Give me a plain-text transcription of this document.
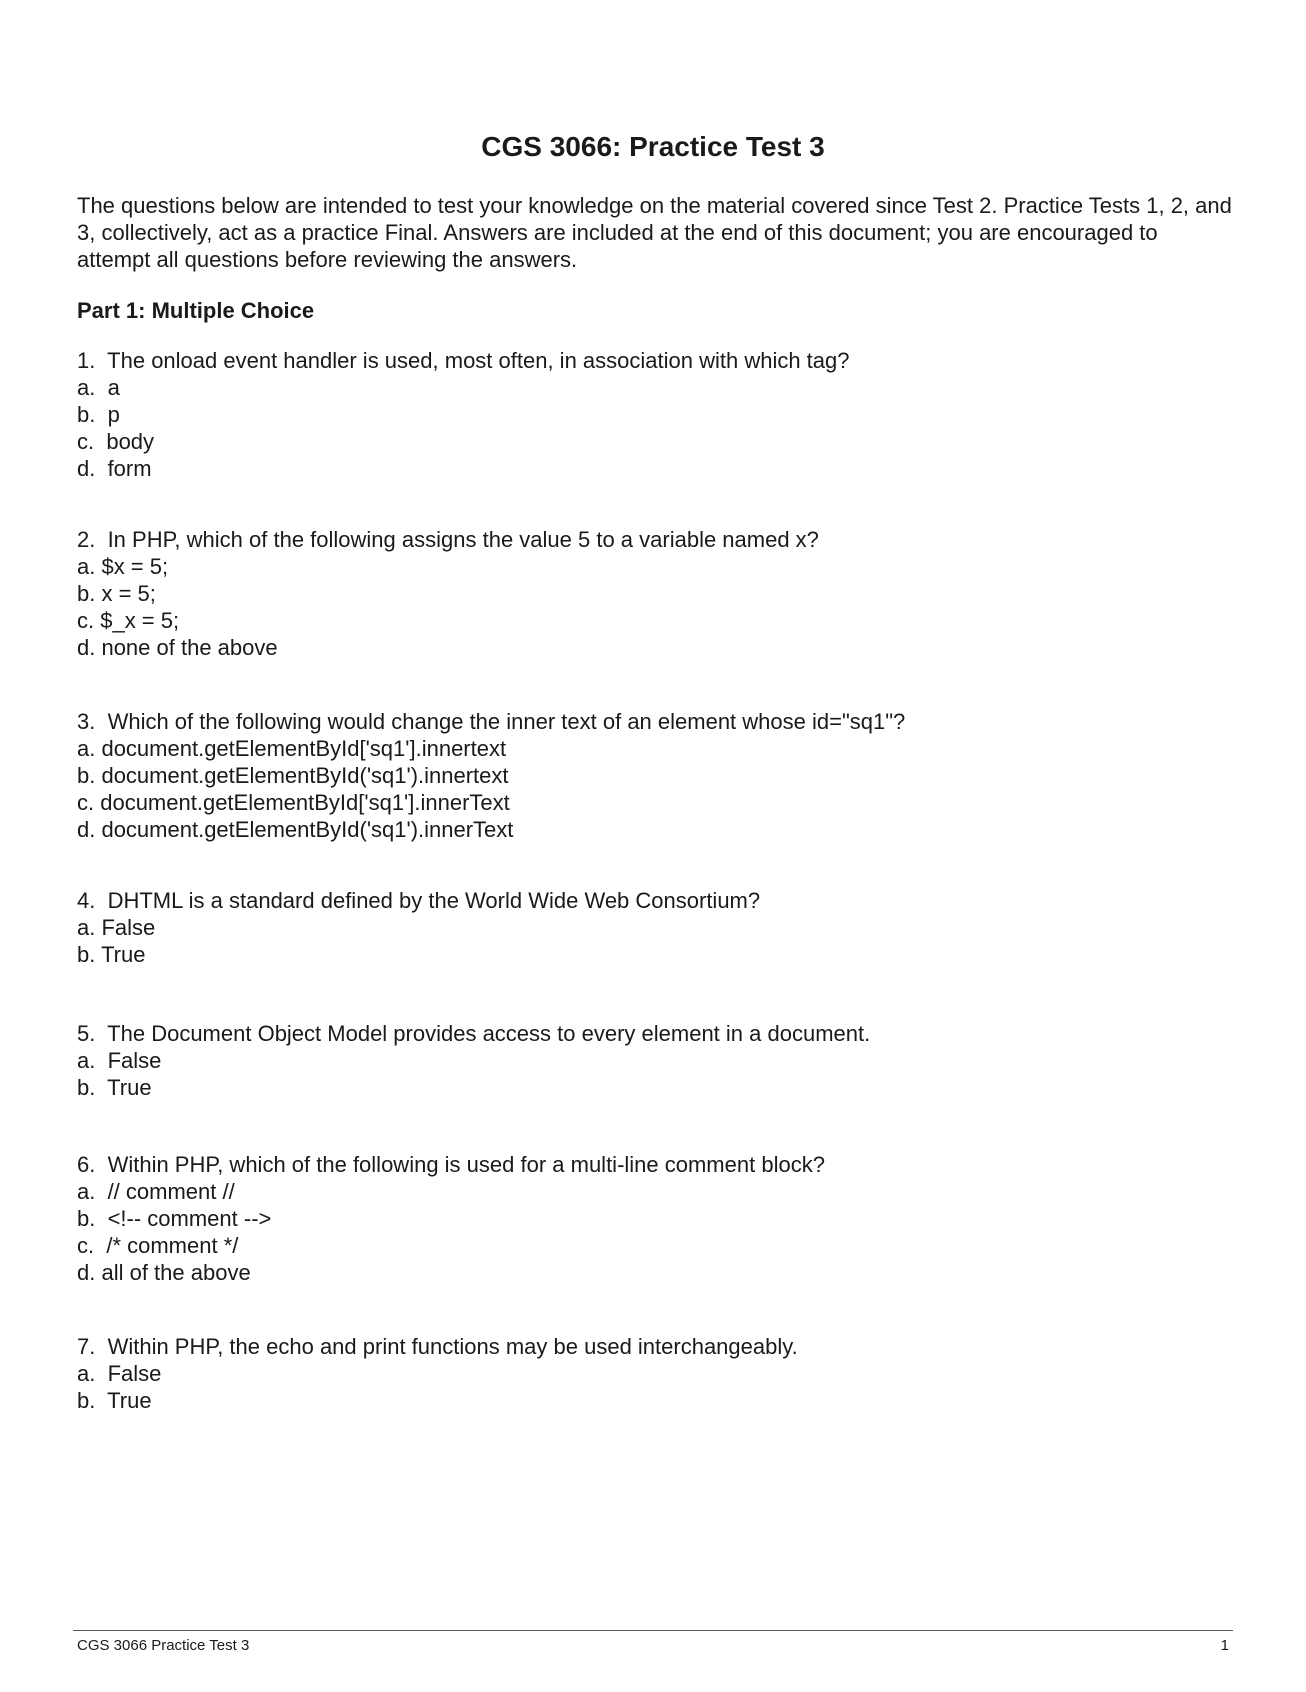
CGS 3066: Practice Test 3

The questions below are intended to test your knowledge on the material covered since Test 2. Practice Tests 1, 2, and 3, collectively, act as a practice Final. Answers are included at the end of this document; you are encouraged to attempt all questions before reviewing the answers.

Part 1: Multiple Choice
1.  The onload event handler is used, most often, in association with which tag?
a.  a
b.  p
c.  body
d.  form
2.  In PHP, which of the following assigns the value 5 to a variable named x?
a. $x = 5;
b. x = 5;
c. $_x = 5;
d. none of the above
3.  Which of the following would change the inner text of an element whose id="sq1"?
a. document.getElementById['sq1'].innertext
b. document.getElementById('sq1').innertext
c. document.getElementById['sq1'].innerText
d. document.getElementById('sq1').innerText
4.  DHTML is a standard defined by the World Wide Web Consortium?
a. False
b. True
5.  The Document Object Model provides access to every element in a document.
a.  False
b.  True
6.  Within PHP, which of the following is used for a multi-line comment block?
a.  // comment //
b.  <!-- comment -->
c.  /* comment */
d. all of the above
7.  Within PHP, the echo and print functions may be used interchangeably.
a.  False
b.  True
CGS 3066 Practice Test 3	1
